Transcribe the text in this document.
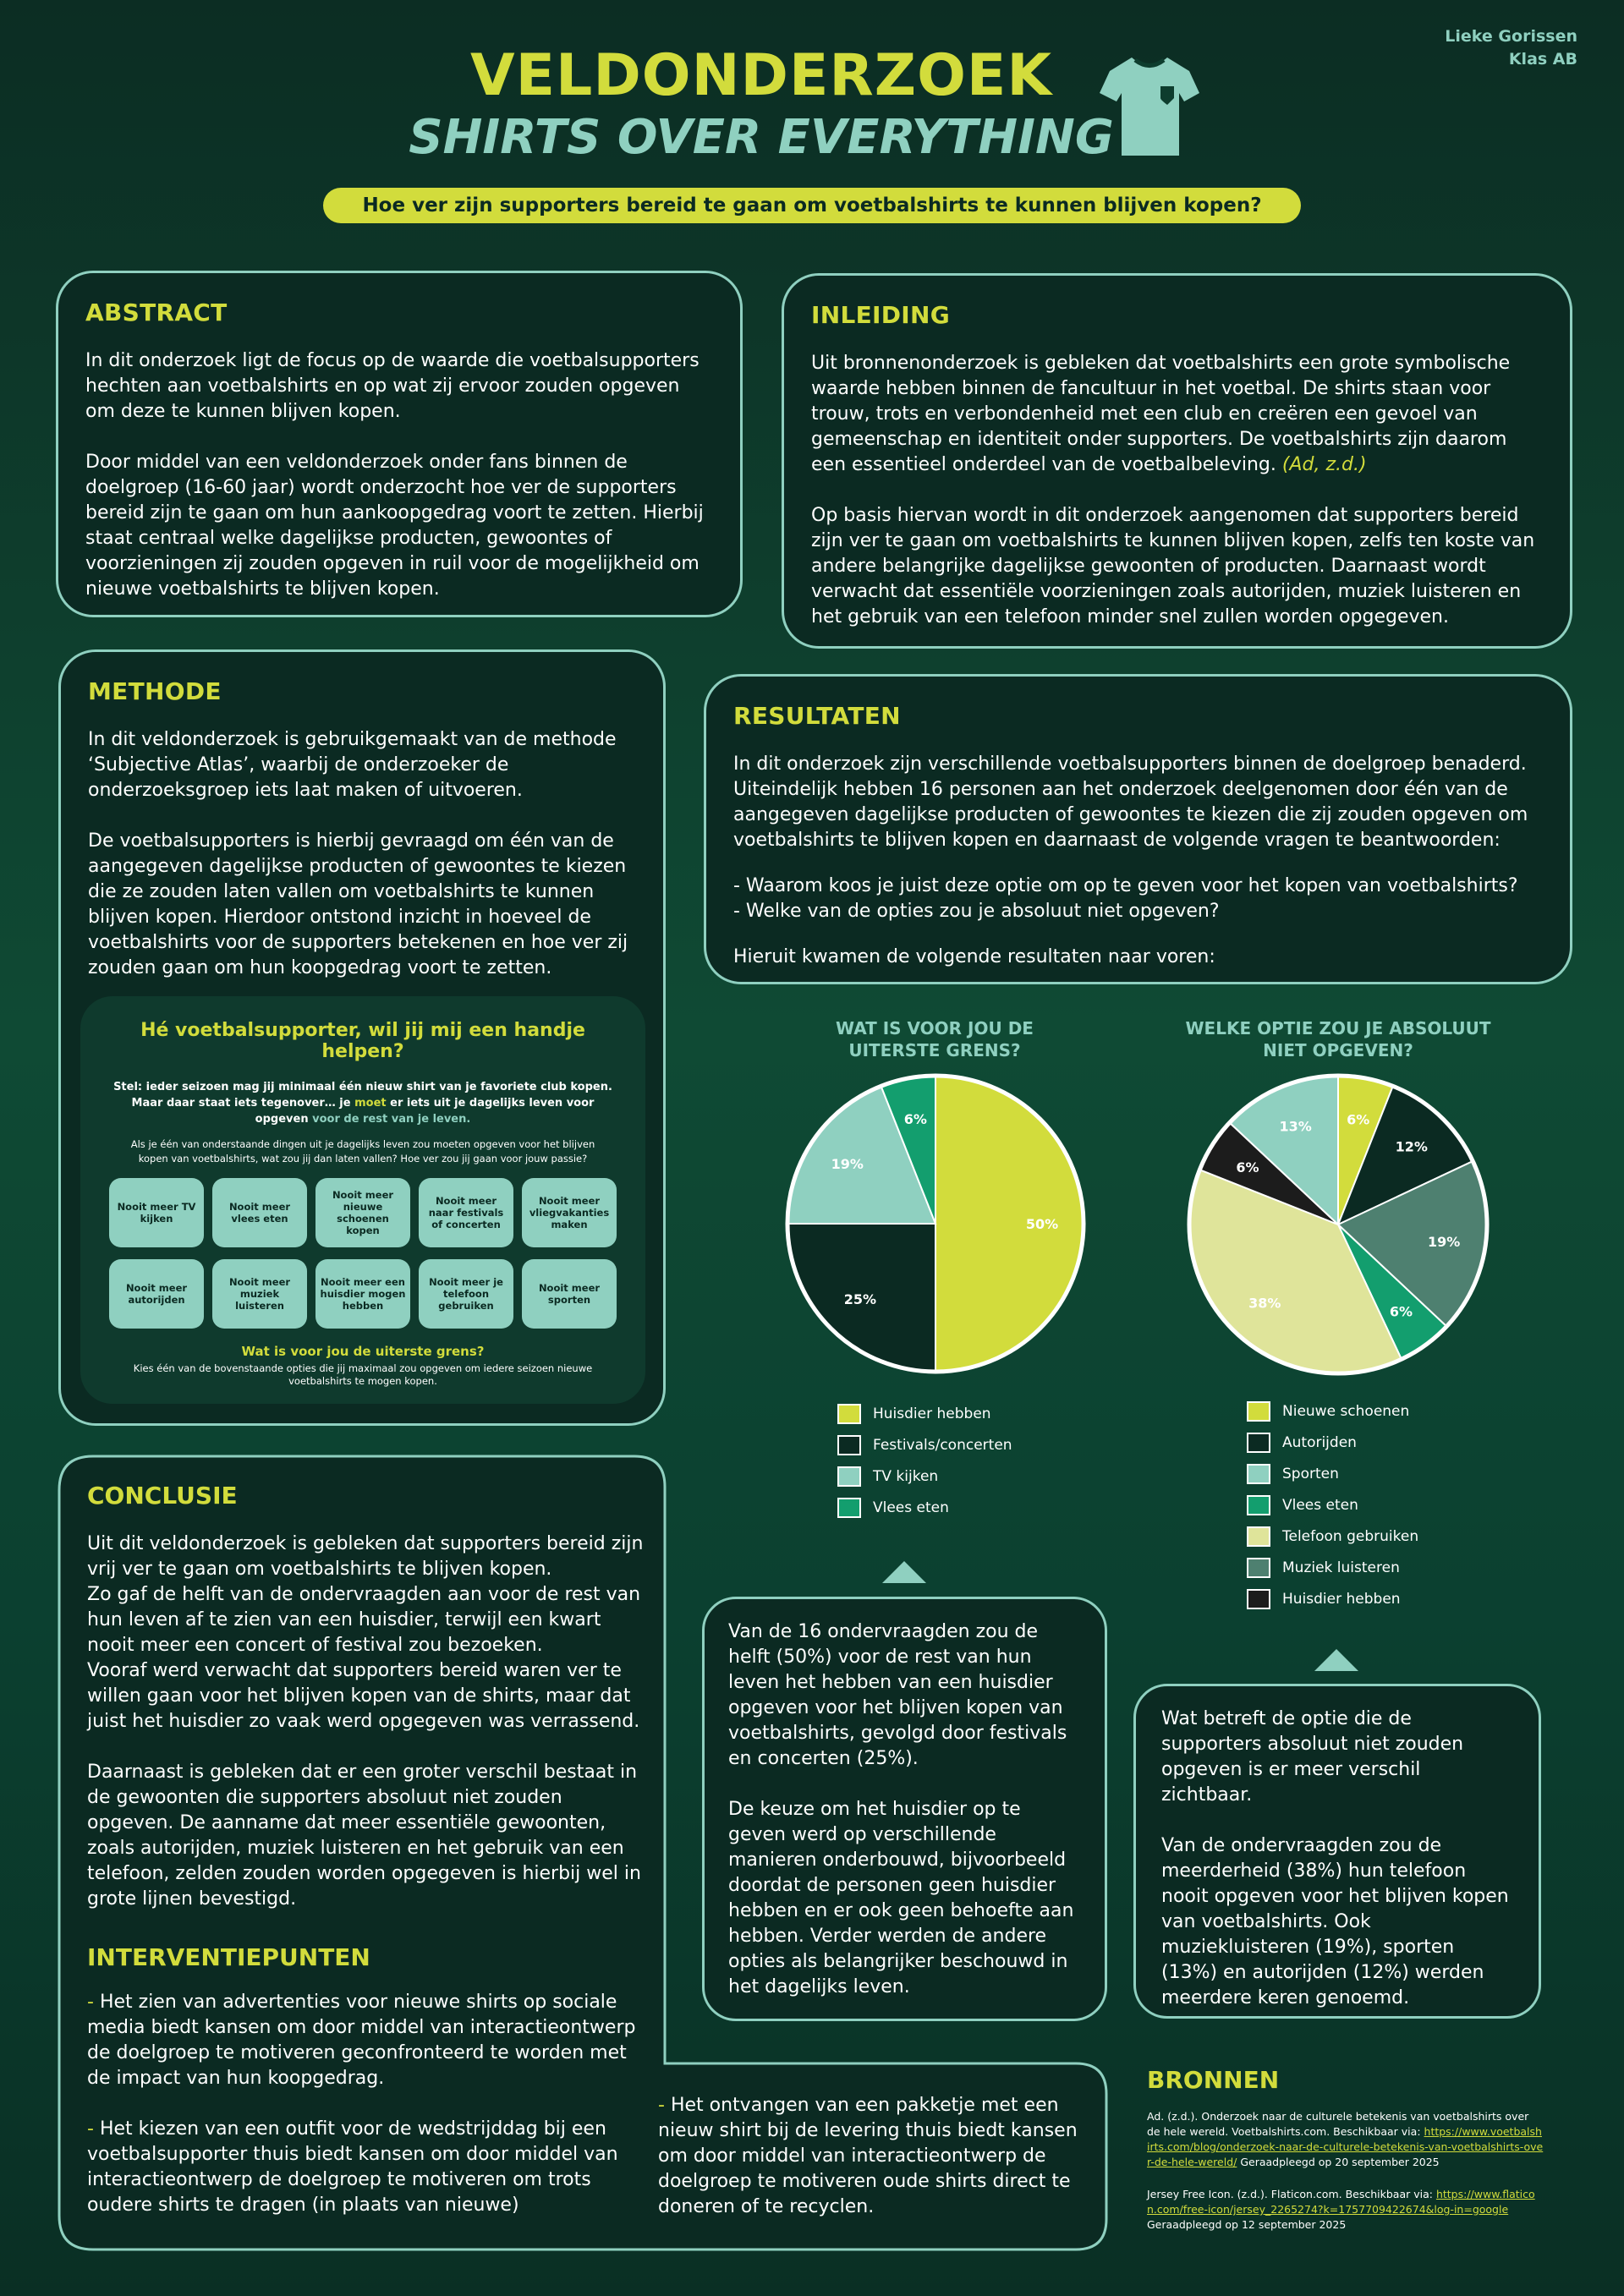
Lieke Gorissen
Klas AB
VELDONDERZOEK
SHIRTS OVER EVERYTHING
Hoe ver zijn supporters bereid te gaan om voetbalshirts te kunnen blijven kopen?
ABSTRACT

In dit onderzoek ligt de focus op de waarde die voetbalsupporters hechten aan voetbalshirts en op wat zij ervoor zouden opgeven om deze te kunnen blijven kopen.

Door middel van een veldonderzoek onder fans binnen de doelgroep (16-60 jaar) wordt onderzocht hoe ver de supporters bereid zijn te gaan om hun aankoopgedrag voort te zetten. Hierbij staat centraal welke dagelijkse producten, gewoontes of voorzieningen zij zouden opgeven in ruil voor de mogelijkheid om nieuwe voetbalshirts te blijven kopen.

INLEIDING

Uit bronnenonderzoek is gebleken dat voetbalshirts een grote symbolische waarde hebben binnen de fancultuur in het voetbal. De shirts staan voor trouw, trots en verbondenheid met een club en creëren een gevoel van gemeenschap en identiteit onder supporters. De voetbalshirts zijn daarom een essentieel onderdeel van de voetbalbeleving. (Ad, z.d.)

Op basis hiervan wordt in dit onderzoek aangenomen dat supporters bereid zijn ver te gaan om voetbalshirts te kunnen blijven kopen, zelfs ten koste van andere belangrijke dagelijkse gewoonten of producten. Daarnaast wordt verwacht dat essentiële voorzieningen zoals autorijden, muziek luisteren en het gebruik van een telefoon minder snel zullen worden opgegeven.

METHODE

In dit veldonderzoek is gebruikgemaakt van de methode ‘Subjective Atlas’, waarbij de onderzoeker de onderzoeksgroep iets laat maken of uitvoeren.

De voetbalsupporters is hierbij gevraagd om één van de aangegeven dagelijkse producten of gewoontes te kiezen die ze zouden laten vallen om voetbalshirts te kunnen blijven kopen. Hierdoor ontstond inzicht in hoeveel de voetbalshirts voor de supporters betekenen en hoe ver zij zouden gaan om hun koopgedrag voort te zetten.

Hé voetbalsupporter, wil jij mij een handje helpen?

Stel: ieder seizoen mag jij minimaal één nieuw shirt van je favoriete club kopen.
Maar daar staat iets tegenover… je moet er iets uit je dagelijks leven voor
opgeven voor de rest van je leven.

Als je één van onderstaande dingen uit je dagelijks leven zou moeten opgeven voor het blijven
kopen van voetbalshirts, wat zou jij dan laten vallen? Hoe ver zou jij gaan voor jouw passie?

Nooit meer TV kijken
Nooit meer vlees eten
Nooit meer nieuwe schoenen kopen
Nooit meer naar festivals of concerten
Nooit meer vliegvakanties maken
Nooit meer autorijden
Nooit meer muziek luisteren
Nooit meer een huisdier mogen hebben
Nooit meer je telefoon gebruiken
Nooit meer sporten
Wat is voor jou de uiterste grens?
Kies één van de bovenstaande opties die jij maximaal zou opgeven om iedere seizoen nieuwe
voetbalshirts te mogen kopen.
RESULTATEN

In dit onderzoek zijn verschillende voetbalsupporters binnen de doelgroep benaderd. Uiteindelijk hebben 16 personen aan het onderzoek deelgenomen door één van de aangegeven dagelijkse producten of gewoontes te kiezen die zij zouden opgeven om voetbalshirts te blijven kopen en daarnaast de volgende vragen te beantwoorden:

- Waarom koos je juist deze optie om op te geven voor het kopen van voetbalshirts?

- Welke van de opties zou je absoluut niet opgeven?

Hieruit kwamen de volgende resultaten naar voren:

WAT IS VOOR JOU DE
UITERSTE GRENS?
50%
25%
19%
6%
Huisdier hebben
Festivals/concerten
TV kijken
Vlees eten
WELKE OPTIE ZOU JE ABSOLUUT
NIET OPGEVEN?
6%
12%
19%
6%
38%
6%
13%
Nieuwe schoenen
Autorijden
Sporten
Vlees eten
Telefoon gebruiken
Muziek luisteren
Huisdier hebben

Van de 16 ondervraagden zou de helft (50%) voor de rest van hun leven het hebben van een huisdier opgeven voor het blijven kopen van voetbalshirts, gevolgd door festivals en concerten (25%).

De keuze om het huisdier op te geven werd op verschillende manieren onderbouwd, bijvoorbeeld doordat de personen geen huisdier hebben en er ook geen behoefte aan hebben. Verder werden de andere opties als belangrijker beschouwd in het dagelijks leven.

Wat betreft de optie die de supporters absoluut niet zouden opgeven is er meer verschil zichtbaar.

Van de ondervraagden zou de meerderheid (38%) hun telefoon nooit opgeven voor het blijven kopen van voetbalshirts. Ook muziekluisteren (19%), sporten (13%) en autorijden (12%) werden meerdere keren genoemd.

CONCLUSIE

Uit dit veldonderzoek is gebleken dat supporters bereid zijn vrij ver te gaan om voetbalshirts te blijven kopen.
Zo gaf de helft van de ondervraagden aan voor de rest van hun leven af te zien van een huisdier, terwijl een kwart nooit meer een concert of festival zou bezoeken.
Vooraf werd verwacht dat supporters bereid waren ver te willen gaan voor het blijven kopen van de shirts, maar dat juist het huisdier zo vaak werd opgegeven was verrassend.

Daarnaast is gebleken dat er een groter verschil bestaat in de gewoonten die supporters absoluut niet zouden opgeven. De aanname dat meer essentiële gewoonten, zoals autorijden, muziek luisteren en het gebruik van een telefoon, zelden zouden worden opgegeven is hierbij wel in grote lijnen bevestigd.

INTERVENTIEPUNTEN

- Het zien van advertenties voor nieuwe shirts op sociale media biedt kansen om door middel van interactieontwerp de doelgroep te motiveren geconfronteerd te worden met de impact van hun koopgedrag.

- Het kiezen van een outfit voor de wedstrijddag bij een voetbalsupporter thuis biedt kansen om door middel van interactieontwerp de doelgroep te motiveren om trots oudere shirts te dragen (in plaats van nieuwe)

- Het ontvangen van een pakketje met een nieuw shirt bij de levering thuis biedt kansen om door middel van interactieontwerp de doelgroep te motiveren oude shirts direct te doneren of te recyclen.

BRONNEN

Ad. (z.d.). Onderzoek naar de culturele betekenis van voetbalshirts over de hele wereld. Voetbalshirts.com. Beschikbaar via: https://www.voetbalshirts.com/blog/onderzoek-naar-de-culturele-betekenis-van-voetbalshirts-over-de-hele-wereld/ Geraadpleegd op 20 september 2025

Jersey Free Icon. (z.d.). Flaticon.com. Beschikbaar via: https://www.flaticon.com/free-icon/jersey_2265274?k=1757709422674&log-in=google Geraadpleegd op 12 september 2025
